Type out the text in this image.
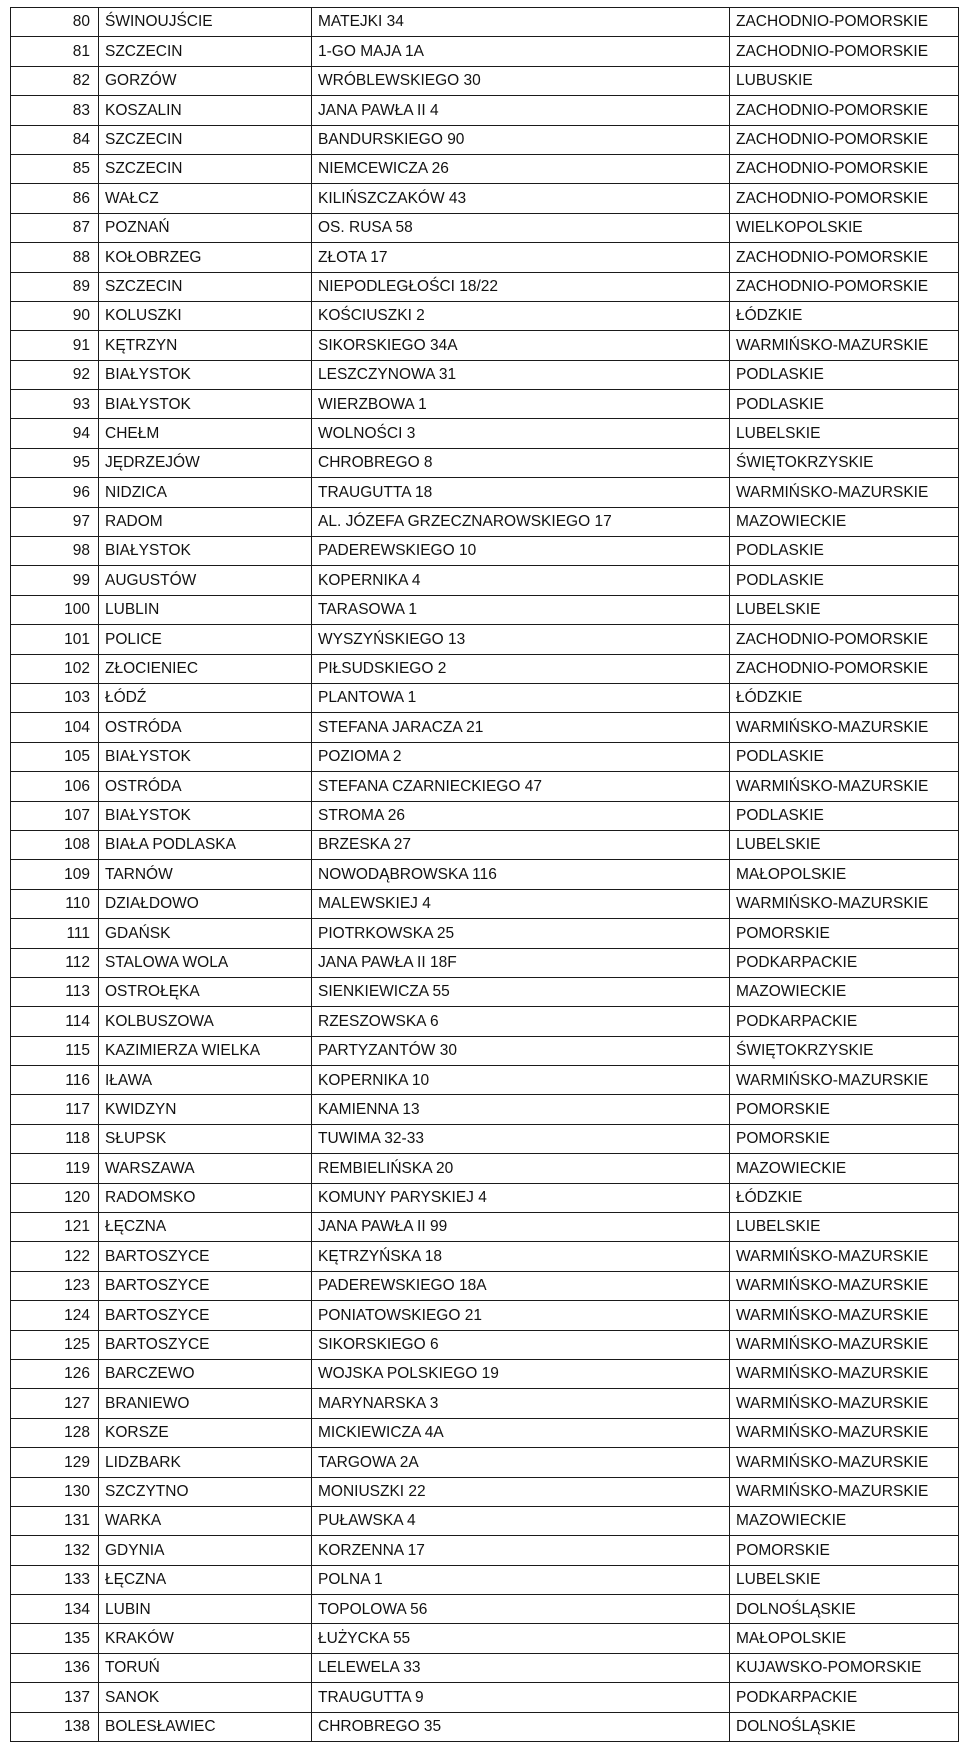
80	ŚWINOUJŚCIE	MATEJKI 34	ZACHODNIO-POMORSKIE
81	SZCZECIN	1-GO MAJA 1A	ZACHODNIO-POMORSKIE
82	GORZÓW	WRÓBLEWSKIEGO 30	LUBUSKIE
83	KOSZALIN	JANA PAWŁA II 4	ZACHODNIO-POMORSKIE
84	SZCZECIN	BANDURSKIEGO 90	ZACHODNIO-POMORSKIE
85	SZCZECIN	NIEMCEWICZA 26	ZACHODNIO-POMORSKIE
86	WAŁCZ	KILIŃSZCZAKÓW 43	ZACHODNIO-POMORSKIE
87	POZNAŃ	OS. RUSA 58	WIELKOPOLSKIE
88	KOŁOBRZEG	ZŁOTA 17	ZACHODNIO-POMORSKIE
89	SZCZECIN	NIEPODLEGŁOŚCI 18/22	ZACHODNIO-POMORSKIE
90	KOLUSZKI	KOŚCIUSZKI 2	ŁÓDZKIE
91	KĘTRZYN	SIKORSKIEGO 34A	WARMIŃSKO-MAZURSKIE
92	BIAŁYSTOK	LESZCZYNOWA 31	PODLASKIE
93	BIAŁYSTOK	WIERZBOWA 1	PODLASKIE
94	CHEŁM	WOLNOŚCI 3	LUBELSKIE
95	JĘDRZEJÓW	CHROBREGO 8	ŚWIĘTOKRZYSKIE
96	NIDZICA	TRAUGUTTA 18	WARMIŃSKO-MAZURSKIE
97	RADOM	AL. JÓZEFA GRZECZNAROWSKIEGO 17	MAZOWIECKIE
98	BIAŁYSTOK	PADEREWSKIEGO 10	PODLASKIE
99	AUGUSTÓW	KOPERNIKA 4	PODLASKIE
100	LUBLIN	TARASOWA 1	LUBELSKIE
101	POLICE	WYSZYŃSKIEGO 13	ZACHODNIO-POMORSKIE
102	ZŁOCIENIEC	PIŁSUDSKIEGO 2	ZACHODNIO-POMORSKIE
103	ŁÓDŹ	PLANTOWA 1	ŁÓDZKIE
104	OSTRÓDA	STEFANA JARACZA 21	WARMIŃSKO-MAZURSKIE
105	BIAŁYSTOK	POZIOMA 2	PODLASKIE
106	OSTRÓDA	STEFANA CZARNIECKIEGO 47	WARMIŃSKO-MAZURSKIE
107	BIAŁYSTOK	STROMA 26	PODLASKIE
108	BIAŁA PODLASKA	BRZESKA 27	LUBELSKIE
109	TARNÓW	NOWODĄBROWSKA 116	MAŁOPOLSKIE
110	DZIAŁDOWO	MALEWSKIEJ 4	WARMIŃSKO-MAZURSKIE
111	GDAŃSK	PIOTRKOWSKA 25	POMORSKIE
112	STALOWA WOLA	JANA PAWŁA II 18F	PODKARPACKIE
113	OSTROŁĘKA	SIENKIEWICZA 55	MAZOWIECKIE
114	KOLBUSZOWA	RZESZOWSKA 6	PODKARPACKIE
115	KAZIMIERZA WIELKA	PARTYZANTÓW 30	ŚWIĘTOKRZYSKIE
116	IŁAWA	KOPERNIKA 10	WARMIŃSKO-MAZURSKIE
117	KWIDZYN	KAMIENNA 13	POMORSKIE
118	SŁUPSK	TUWIMA 32-33	POMORSKIE
119	WARSZAWA	REMBIELIŃSKA 20	MAZOWIECKIE
120	RADOMSKO	KOMUNY PARYSKIEJ 4	ŁÓDZKIE
121	ŁĘCZNA	JANA PAWŁA II 99	LUBELSKIE
122	BARTOSZYCE	KĘTRZYŃSKA 18	WARMIŃSKO-MAZURSKIE
123	BARTOSZYCE	PADEREWSKIEGO 18A	WARMIŃSKO-MAZURSKIE
124	BARTOSZYCE	PONIATOWSKIEGO 21	WARMIŃSKO-MAZURSKIE
125	BARTOSZYCE	SIKORSKIEGO 6	WARMIŃSKO-MAZURSKIE
126	BARCZEWO	WOJSKA POLSKIEGO 19	WARMIŃSKO-MAZURSKIE
127	BRANIEWO	MARYNARSKA 3	WARMIŃSKO-MAZURSKIE
128	KORSZE	MICKIEWICZA 4A	WARMIŃSKO-MAZURSKIE
129	LIDZBARK	TARGOWA 2A	WARMIŃSKO-MAZURSKIE
130	SZCZYTNO	MONIUSZKI 22	WARMIŃSKO-MAZURSKIE
131	WARKA	PUŁAWSKA 4	MAZOWIECKIE
132	GDYNIA	KORZENNA 17	POMORSKIE
133	ŁĘCZNA	POLNA 1	LUBELSKIE
134	LUBIN	TOPOLOWA 56	DOLNOŚLĄSKIE
135	KRAKÓW	ŁUŻYCKA 55	MAŁOPOLSKIE
136	TORUŃ	LELEWELA 33	KUJAWSKO-POMORSKIE
137	SANOK	TRAUGUTTA 9	PODKARPACKIE
138	BOLESŁAWIEC	CHROBREGO 35	DOLNOŚLĄSKIE
